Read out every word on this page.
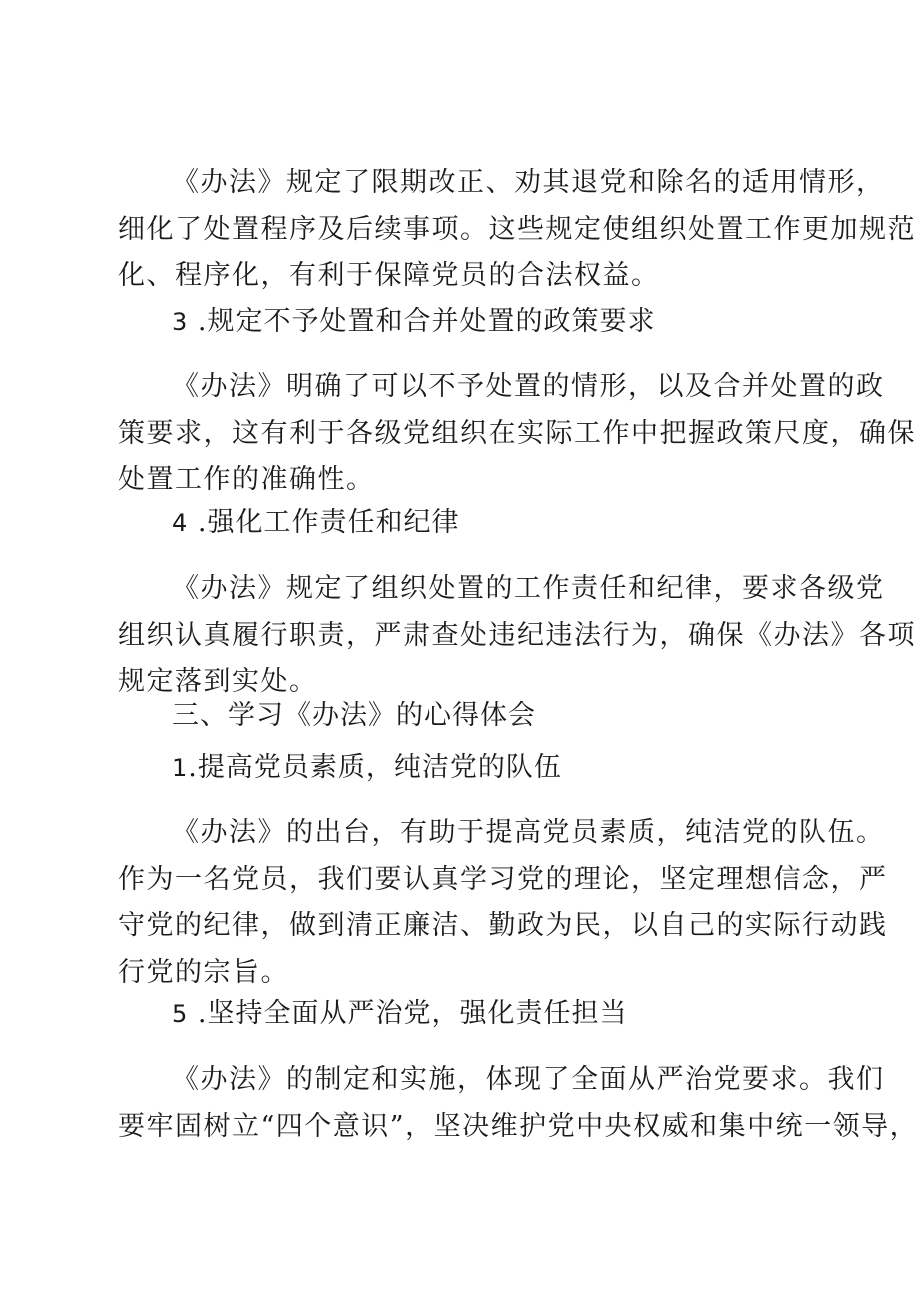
《办法》规定了限期改正、劝其退党和除名的适用情形，
细化了处置程序及后续事项。这些规定使组织处置工作更加规范
化、程序化，有利于保障党员的合法权益。
3 .规定不予处置和合并处置的政策要求
《办法》明确了可以不予处置的情形，以及合并处置的政
策要求，这有利于各级党组织在实际工作中把握政策尺度，确保
处置工作的准确性。
4 .强化工作责任和纪律
《办法》规定了组织处置的工作责任和纪律，要求各级党
组织认真履行职责，严肃查处违纪违法行为，确保《办法》各项
规定落到实处。
三、学习《办法》的心得体会
1.提高党员素质，纯洁党的队伍
《办法》的出台，有助于提高党员素质，纯洁党的队伍。
作为一名党员，我们要认真学习党的理论，坚定理想信念，严
守党的纪律，做到清正廉洁、勤政为民，以自己的实际行动践
行党的宗旨。
5 .坚持全面从严治党，强化责任担当
《办法》的制定和实施，体现了全面从严治党要求。我们
要牢固树立“四个意识”，坚决维护党中央权威和集中统一领导，
